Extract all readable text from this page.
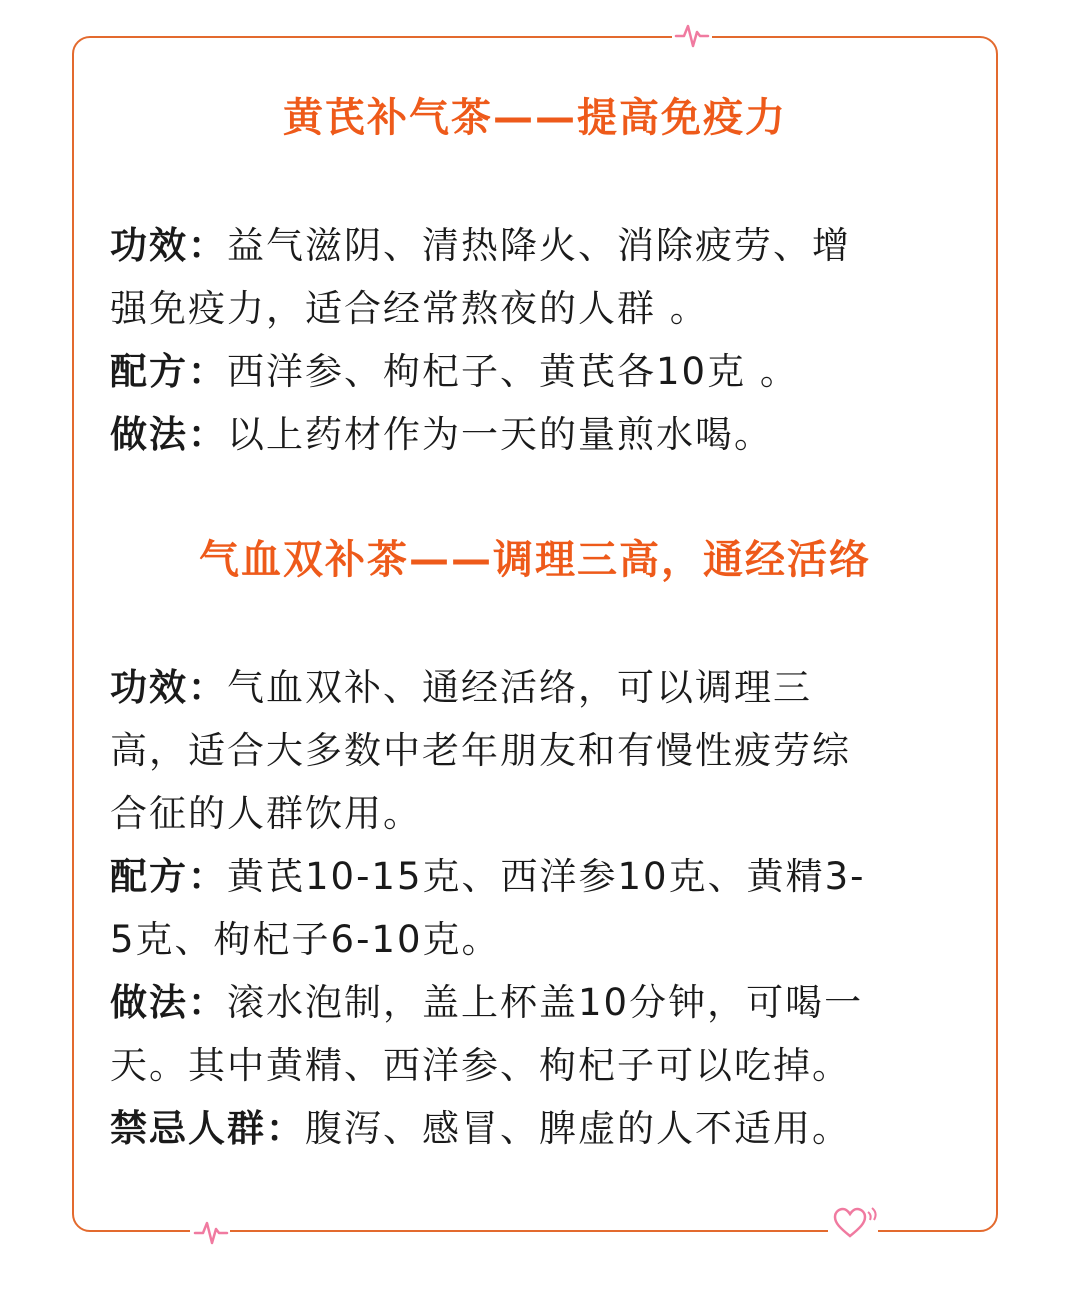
黄芪补气茶——提高免疫力
功效：益气滋阴、清热降火、消除疲劳、增
强免疫力，适合经常熬夜的人群 。
配方：西洋参、枸杞子、黄芪各10克 。
做法：以上药材作为一天的量煎水喝。
气血双补茶——调理三高，通经活络
功效：气血双补、通经活络，可以调理三
高，适合大多数中老年朋友和有慢性疲劳综
合征的人群饮用。
配方：黄芪10-15克、西洋参10克、黄精3-
5克、枸杞子6-10克。
做法：滚水泡制，盖上杯盖10分钟，可喝一
天。其中黄精、西洋参、枸杞子可以吃掉。
禁忌人群：腹泻、感冒、脾虚的人不适用。
